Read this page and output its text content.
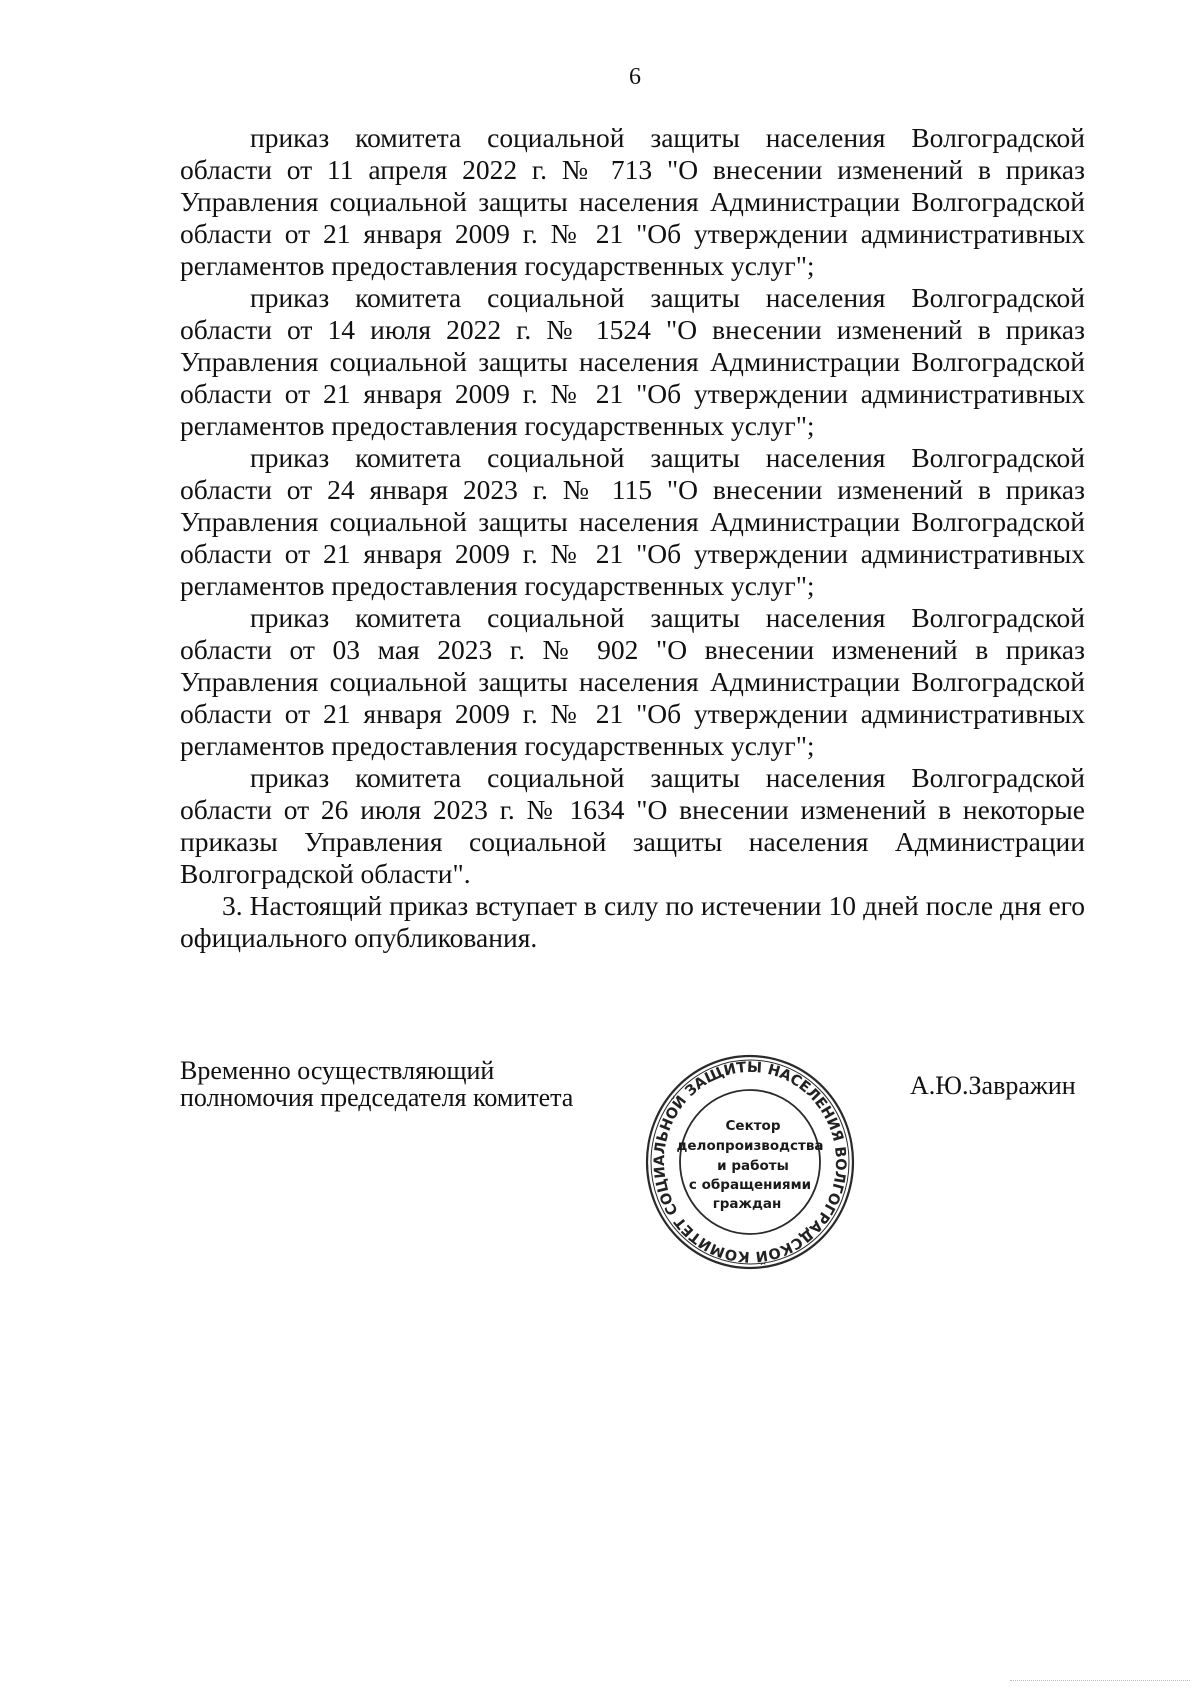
6

приказ комитета социальной защиты населения Волгоградской области от 11 апреля 2022 г. № 713 "О внесении изменений в приказ Управления социальной защиты населения Администрации Волгоградской области от 21 января 2009 г. № 21 "Об утверждении административных регламентов предоставления государственных услуг";

приказ комитета социальной защиты населения Волгоградской области от 14 июля 2022 г. № 1524 "О внесении изменений в приказ Управления социальной защиты населения Администрации Волгоградской области от 21 января 2009 г. № 21 "Об утверждении административных регламентов предоставления государственных услуг";

приказ комитета социальной защиты населения Волгоградской области от 24 января 2023 г. № 115 "О внесении изменений в приказ Управления социальной защиты населения Администрации Волгоградской области от 21 января 2009 г. № 21 "Об утверждении административных регламентов предоставления государственных услуг";

приказ комитета социальной защиты населения Волгоградской области от 03 мая 2023 г. № 902 "О внесении изменений в приказ Управления социальной защиты населения Администрации Волгоградской области от 21 января 2009 г. № 21 "Об утверждении административных регламентов предоставления государственных услуг";

приказ комитета социальной защиты населения Волгоградской области от 26 июля 2023 г. № 1634 "О внесении изменений в некоторые приказы Управления социальной защиты населения Администрации Волгоградской области".

3. Настоящий приказ вступает в силу по истечении 10 дней после дня его официального опубликования.

Временно осуществляющий
полномочия председателя комитета	А.Ю.Завражин
КОМИТЕТ СОЦИАЛЬНОЙ ЗАЩИТЫ НАСЕЛЕНИЯ ВОЛГОГРАДСКОЙ
Сектор
делопроизводства
и работы
с обращениями
граждан
